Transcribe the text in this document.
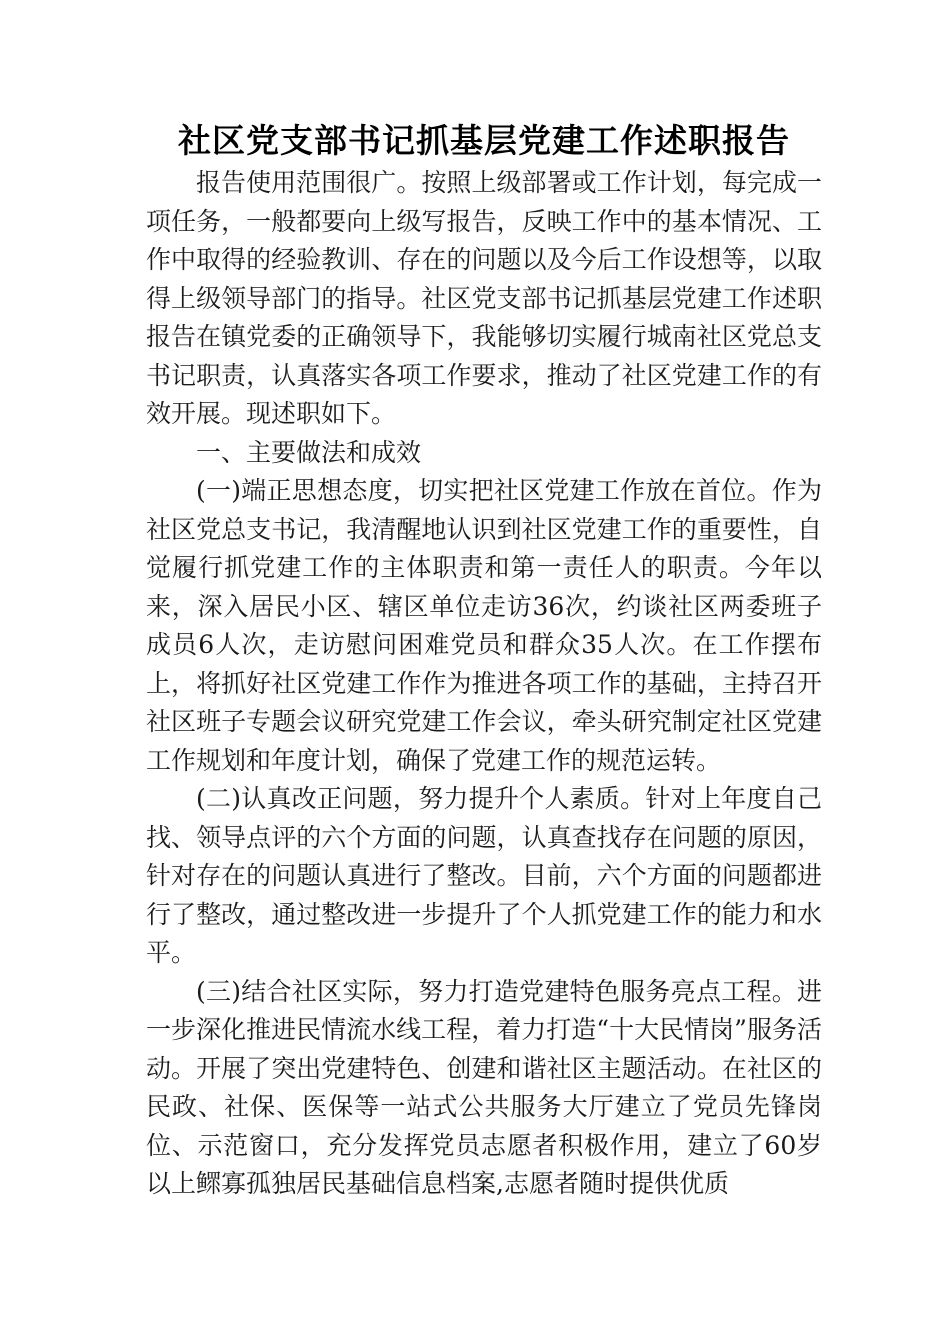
社区党支部书记抓基层党建工作述职报告

报告使用范围很广。按照上级部署或工作计划，每完成一项任务，一般都要向上级写报告，反映工作中的基本情况、工作中取得的经验教训、存在的问题以及今后工作设想等，以取得上级领导部门的指导。社区党支部书记抓基层党建工作述职报告在镇党委的正确领导下，我能够切实履行城南社区党总支书记职责，认真落实各项工作要求，推动了社区党建工作的有效开展。现述职如下。

一、主要做法和成效

(一)端正思想态度，切实把社区党建工作放在首位。作为社区党总支书记，我清醒地认识到社区党建工作的重要性，自觉履行抓党建工作的主体职责和第一责任人的职责。今年以来，深入居民小区、辖区单位走访36次，约谈社区两委班子成员6人次，走访慰问困难党员和群众35人次。在工作摆布上，将抓好社区党建工作作为推进各项工作的基础，主持召开社区班子专题会议研究党建工作会议，牵头研究制定社区党建工作规划和年度计划，确保了党建工作的规范运转。

(二)认真改正问题，努力提升个人素质。针对上年度自己找、领导点评的六个方面的问题，认真查找存在问题的原因，针对存在的问题认真进行了整改。目前，六个方面的问题都进行了整改，通过整改进一步提升了个人抓党建工作的能力和水平。

(三)结合社区实际，努力打造党建特色服务亮点工程。进一步深化推进民情流水线工程，着力打造“十大民情岗”服务活动。开展了突出党建特色、创建和谐社区主题活动。在社区的民政、社保、医保等一站式公共服务大厅建立了党员先锋岗位、示范窗口，充分发挥党员志愿者积极作用，建立了60岁以上鳏寡孤独居民基础信息档案,志愿者随时提供优质
